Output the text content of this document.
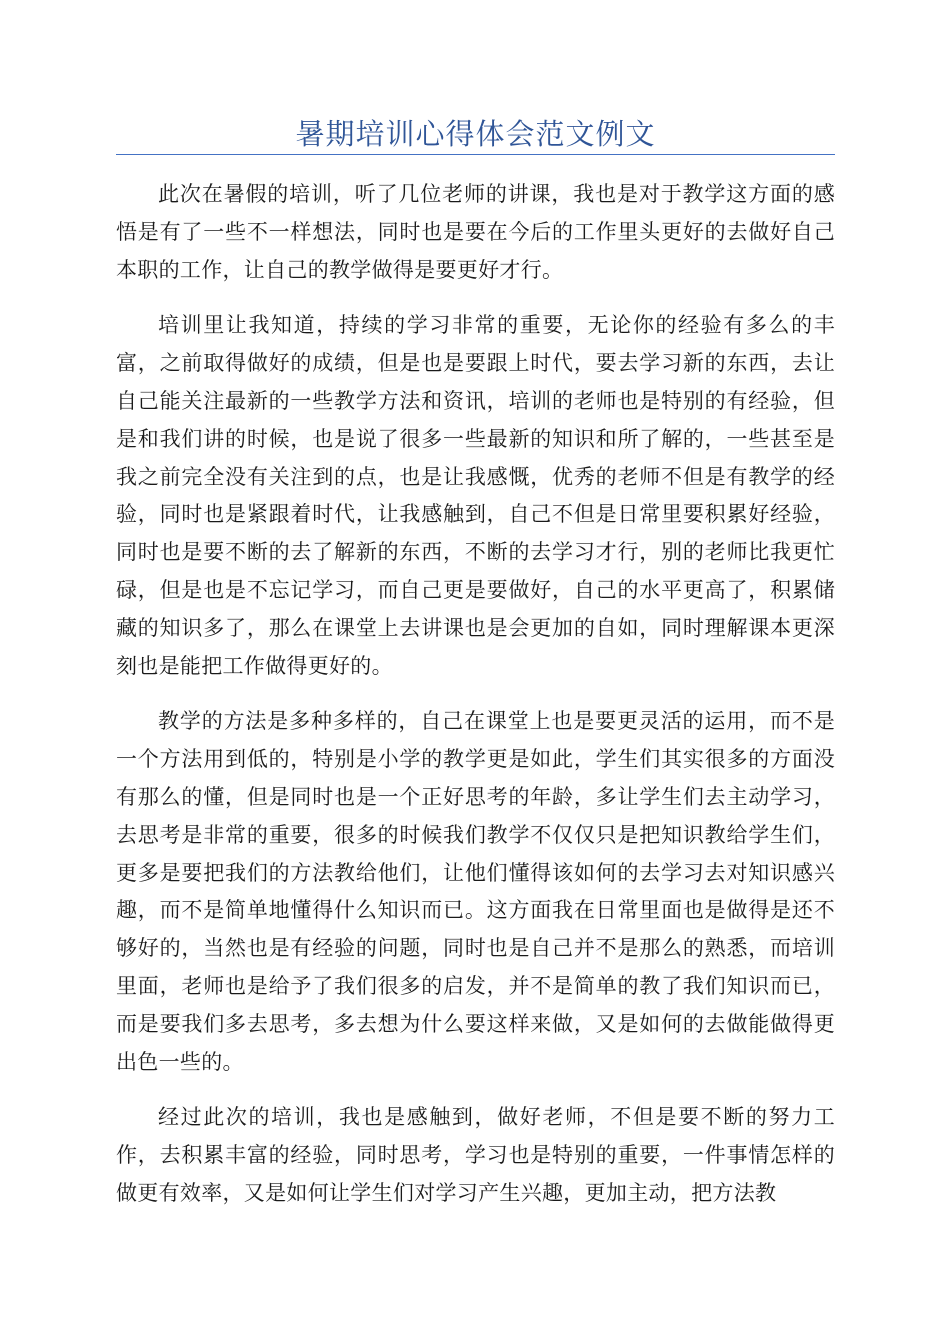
暑期培训心得体会范文例文

此次在暑假的培训，听了几位老师的讲课，我也是对于教学这方面的感悟是有了一些不一样想法，同时也是要在今后的工作里头更好的去做好自己本职的工作，让自己的教学做得是要更好才行。

培训里让我知道，持续的学习非常的重要，无论你的经验有多么的丰富，之前取得做好的成绩，但是也是要跟上时代，要去学习新的东西，去让自己能关注最新的一些教学方法和资讯，培训的老师也是特别的有经验，但是和我们讲的时候，也是说了很多一些最新的知识和所了解的，一些甚至是我之前完全没有关注到的点，也是让我感慨，优秀的老师不但是有教学的经验，同时也是紧跟着时代，让我感触到，自己不但是日常里要积累好经验，同时也是要不断的去了解新的东西，不断的去学习才行，别的老师比我更忙碌，但是也是不忘记学习，而自己更是要做好，自己的水平更高了，积累储藏的知识多了，那么在课堂上去讲课也是会更加的自如，同时理解课本更深刻也是能把工作做得更好的。

教学的方法是多种多样的，自己在课堂上也是要更灵活的运用，而不是一个方法用到低的，特别是小学的教学更是如此，学生们其实很多的方面没有那么的懂，但是同时也是一个正好思考的年龄，多让学生们去主动学习，去思考是非常的重要，很多的时候我们教学不仅仅只是把知识教给学生们，更多是要把我们的方法教给他们，让他们懂得该如何的去学习去对知识感兴趣，而不是简单地懂得什么知识而已。这方面我在日常里面也是做得是还不够好的，当然也是有经验的问题，同时也是自己并不是那么的熟悉，而培训里面，老师也是给予了我们很多的启发，并不是简单的教了我们知识而已，而是要我们多去思考，多去想为什么要这样来做，又是如何的去做能做得更出色一些的。

经过此次的培训，我也是感触到，做好老师，不但是要不断的努力工作，去积累丰富的经验，同时思考，学习也是特别的重要，一件事情怎样的做更有效率，又是如何让学生们对学习产生兴趣，更加主动，把方法教
